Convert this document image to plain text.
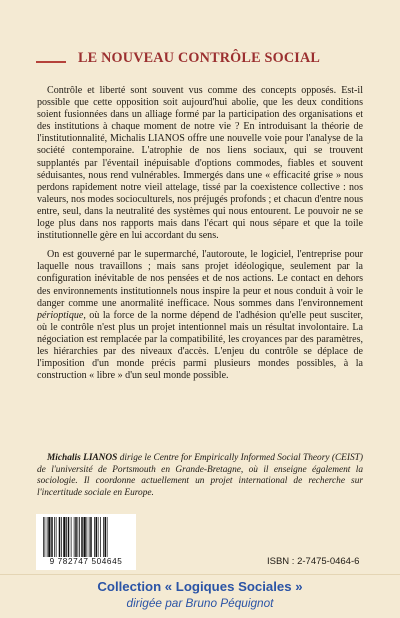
LE NOUVEAU CONTRÔLE SOCIAL

Contrôle et liberté sont souvent vus comme des concepts opposés. Est-il possible que cette opposition soit aujourd'hui abolie, que les deux conditions soient fusionnées dans un alliage formé par la participation des organisations et des institutions à chaque moment de notre vie ? En introduisant la théorie de l'institutionnalité, Michalis LIANOS offre une nouvelle voie pour l'analyse de la société contemporaine. L'atrophie de nos liens sociaux, qui se trouvent supplantés par l'éventail inépuisable d'options commodes, fiables et souvent séduisantes, nous rend vulnérables. Immergés dans une « efficacité grise » nous perdons rapidement notre vieil attelage, tissé par la coexistence collective : nos valeurs, nos modes socioculturels, nos préjugés profonds ; et chacun d'entre nous entre, seul, dans la neutralité des systèmes qui nous entourent. Le pouvoir ne se loge plus dans nos rapports mais dans l'écart qui nous sépare et que la toile institutionnelle gère en lui accordant du sens.

On est gouverné par le supermarché, l'autoroute, le logiciel, l'entreprise pour laquelle nous travaillons ; mais sans projet idéologique, seulement par la configuration inévitable de nos pensées et de nos actions. Le contact en dehors des environnements institutionnels nous inspire la peur et nous conduit à voir le danger comme une anormalité inefficace. Nous sommes dans l'environnement périoptique, où la force de la norme dépend de l'adhésion qu'elle peut susciter, où le contrôle n'est plus un projet intentionnel mais un résultat involontaire. La négociation est remplacée par la compatibilité, les croyances par des paramètres, les hiérarchies par des niveaux d'accès. L'enjeu du contrôle se déplace de l'imposition d'un monde précis parmi plusieurs mondes possibles, à la construction « libre » d'un seul monde possible.

Michalis LIANOS dirige le Centre for Empirically Informed Social Theory (CEIST) de l'université de Portsmouth en Grande-Bretagne, où il enseigne également la sociologie. Il coordonne actuellement un projet international de recherche sur l'incertitude sociale en Europe.
9 782747 504645	ISBN : 2-7475-0464-6
Collection « Logiques Sociales »
dirigée par Bruno Péquignot
